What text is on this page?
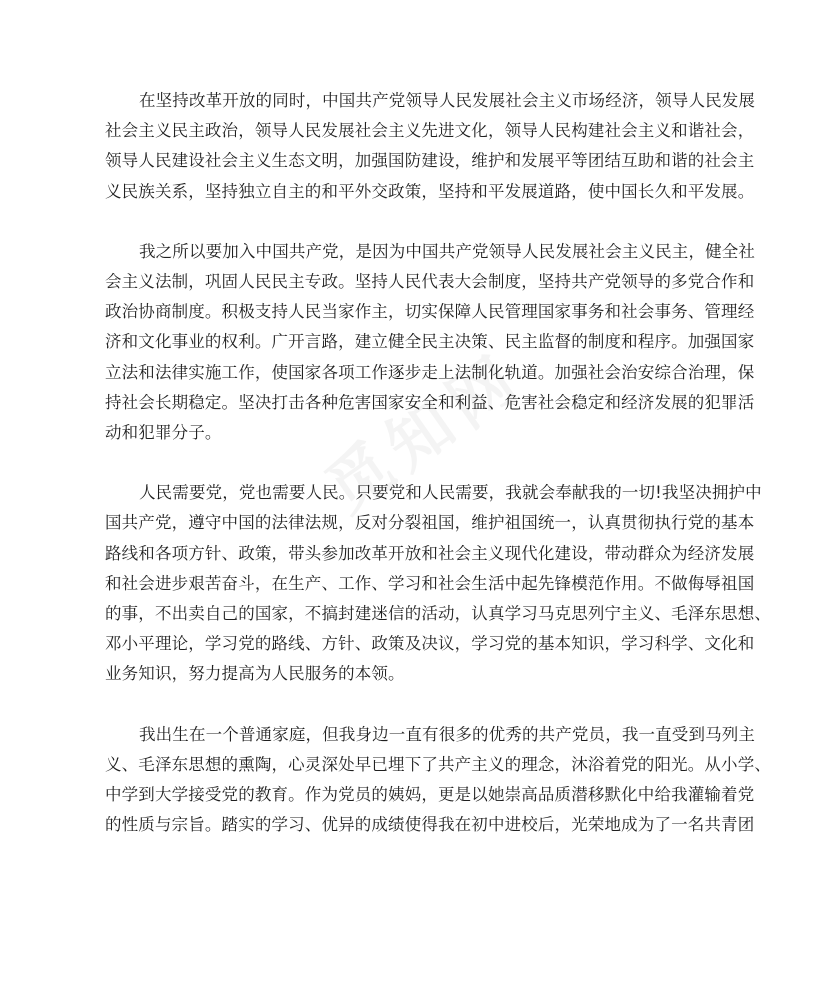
在坚持改革开放的同时，中国共产党领导人民发展社会主义市场经济，领导人民发展
社会主义民主政治，领导人民发展社会主义先进文化，领导人民构建社会主义和谐社会，
领导人民建设社会主义生态文明，加强国防建设，维护和发展平等团结互助和谐的社会主
义民族关系，坚持独立自主的和平外交政策，坚持和平发展道路，使中国长久和平发展。

我之所以要加入中国共产党，是因为中国共产党领导人民发展社会主义民主，健全社
会主义法制，巩固人民民主专政。坚持人民代表大会制度，坚持共产党领导的多党合作和
政治协商制度。积极支持人民当家作主，切实保障人民管理国家事务和社会事务、管理经
济和文化事业的权利。广开言路，建立健全民主决策、民主监督的制度和程序。加强国家
立法和法律实施工作，使国家各项工作逐步走上法制化轨道。加强社会治安综合治理，保
持社会长期稳定。坚决打击各种危害国家安全和利益、危害社会稳定和经济发展的犯罪活
动和犯罪分子。

人民需要党，党也需要人民。只要党和人民需要，我就会奉献我的一切!我坚决拥护中
国共产党，遵守中国的法律法规，反对分裂祖国，维护祖国统一，认真贯彻执行党的基本
路线和各项方针、政策，带头参加改革开放和社会主义现代化建设，带动群众为经济发展
和社会进步艰苦奋斗，在生产、工作、学习和社会生活中起先锋模范作用。不做侮辱祖国
的事，不出卖自己的国家，不搞封建迷信的活动，认真学习马克思列宁主义、毛泽东思想、
邓小平理论，学习党的路线、方针、政策及决议，学习党的基本知识，学习科学、文化和
业务知识，努力提高为人民服务的本领。

我出生在一个普通家庭，但我身边一直有很多的优秀的共产党员，我一直受到马列主
义、毛泽东思想的熏陶，心灵深处早已埋下了共产主义的理念，沐浴着党的阳光。从小学、
中学到大学接受党的教育。作为党员的姨妈，更是以她崇高品质潜移默化中给我灌输着党
的性质与宗旨。踏实的学习、优异的成绩使得我在初中进校后，光荣地成为了一名共青团
